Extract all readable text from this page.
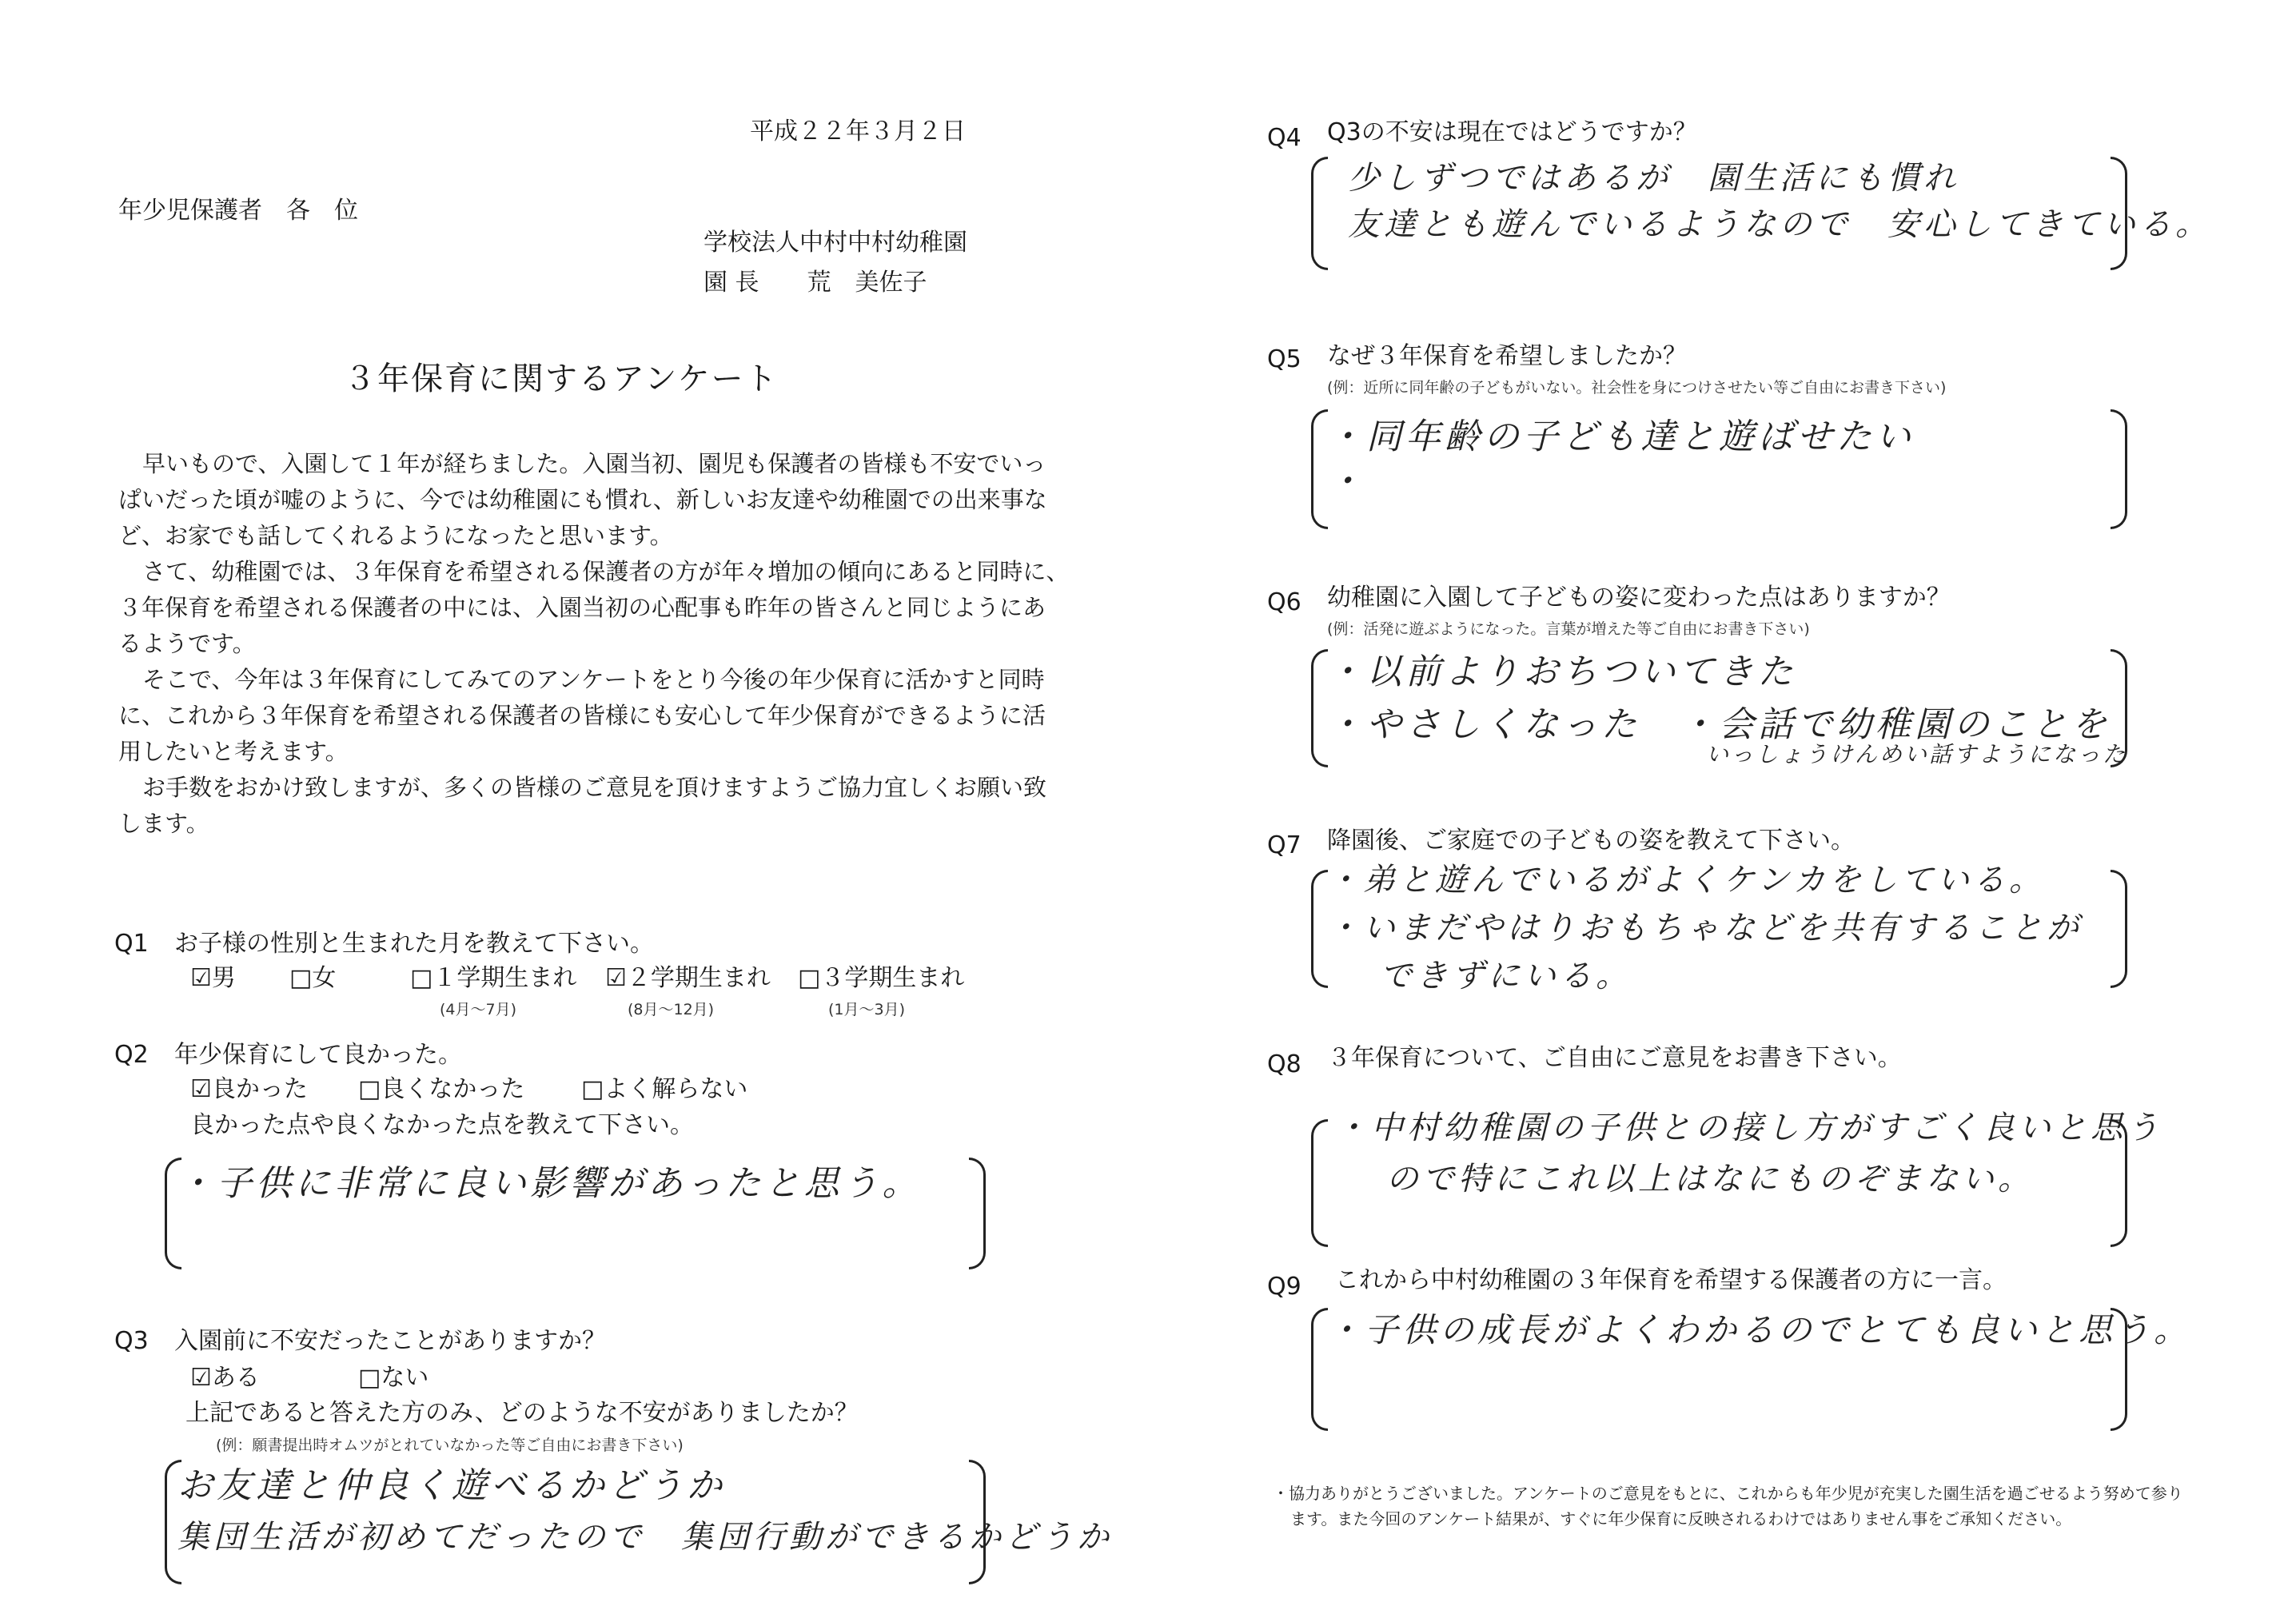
平成２２年３月２日
年少児保護者　各　位
学校法人中村中村幼稚園
園 長　　荒　美佐子
３年保育に関するアンケート

早いもので、入園して１年が経ちました。入園当初、園児も保護者の皆様も不安でいっ

ぱいだった頃が嘘のように、今では幼稚園にも慣れ、新しいお友達や幼稚園での出来事な

ど、お家でも話してくれるようになったと思います。

さて、幼稚園では、３年保育を希望される保護者の方が年々増加の傾向にあると同時に、

３年保育を希望される保護者の中には、入園当初の心配事も昨年の皆さんと同じようにあ

るようです。

そこで、今年は３年保育にしてみてのアンケートをとり今後の年少保育に活かすと同時

に、これから３年保育を希望される保護者の皆様にも安心して年少保育ができるように活

用したいと考えます。

お手数をおかけ致しますが、多くの皆様のご意見を頂けますようご協力宜しくお願い致

します。

Q1 お子様の性別と生まれた月を教えて下さい。
☑男 □女	□１学期生まれ ☑２学期生まれ □３学期生まれ
(4月～7月)	(8月～12月)	(1月～3月)
Q2 年少保育にして良かった。
☑良かった □良くなかった □よく解らない
良かった点や良くなかった点を教えて下さい。
・子供に非常に良い影響があったと思う。
Q3 入園前に不安だったことがありますか？
☑ある	□ない
上記であると答えた方のみ、どのような不安がありましたか？
(例：願書提出時オムツがとれていなかった等ご自由にお書き下さい)
お友達と仲良く遊べるかどうか
集団生活が初めてだったので　集団行動ができるかどうか
Q4 Q3の不安は現在ではどうですか？
少しずつではあるが　園生活にも慣れ
友達とも遊んでいるようなので　安心してきている。
Q5 なぜ３年保育を希望しましたか？
(例：近所に同年齢の子どもがいない。社会性を身につけさせたい等ご自由にお書き下さい)
・同年齢の子ども達と遊ばせたい
・
Q6 幼稚園に入園して子どもの姿に変わった点はありますか？
(例：活発に遊ぶようになった。言葉が増えた等ご自由にお書き下さい)
・以前よりおちついてきた
・やさしくなった　・会話で幼稚園のことを
いっしょうけんめい話すようになった
Q7 降園後、ご家庭での子どもの姿を教えて下さい。
・弟と遊んでいるがよくケンカをしている。
・いまだやはりおもちゃなどを共有することが
できずにいる。
Q8 ３年保育について、ご自由にご意見をお書き下さい。
・中村幼稚園の子供との接し方がすごく良いと思う
ので特にこれ以上はなにものぞまない。
Q9 これから中村幼稚園の３年保育を希望する保護者の方に一言。
・子供の成長がよくわかるのでとても良いと思う。
・協力ありがとうございました。アンケートのご意見をもとに、これからも年少児が充実した園生活を過ごせるよう努めて参り
ます。また今回のアンケート結果が、すぐに年少保育に反映されるわけではありません事をご承知ください。
